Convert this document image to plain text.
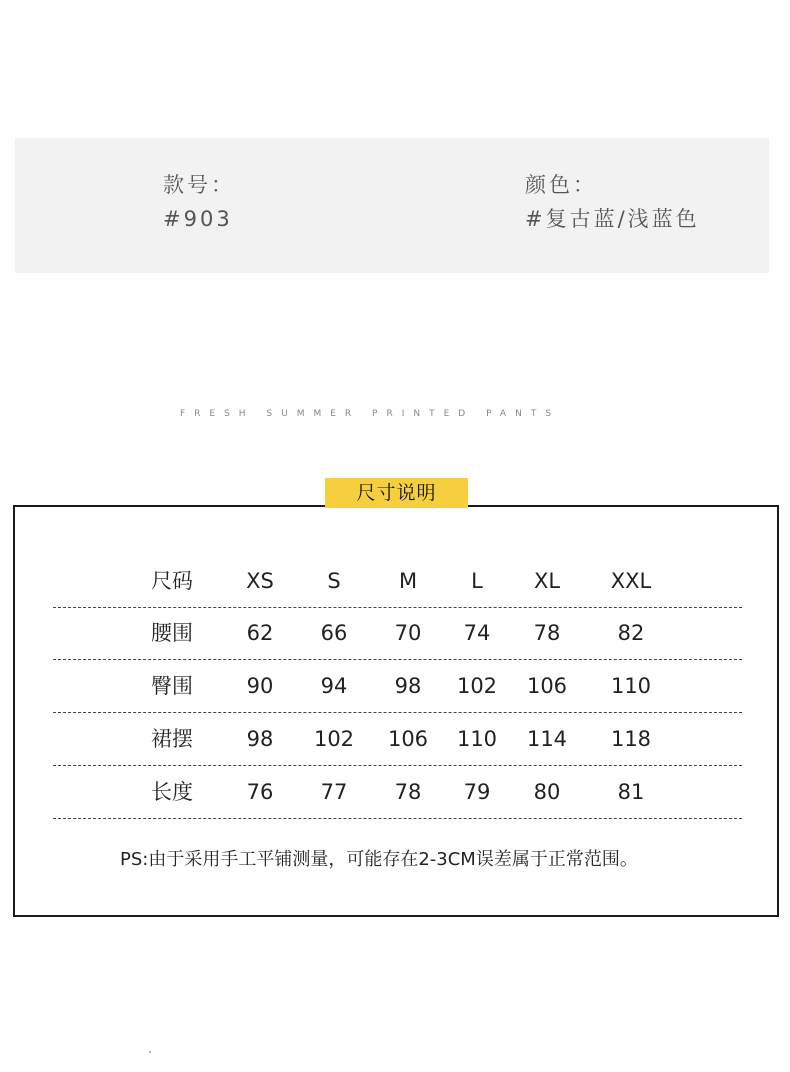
款号：
#903
颜色：
#复古蓝/浅蓝色
FRESH SUMMER PRINTED PANTS
尺寸说明
尺码	XS	S	M	L	XL	XXL
腰围	62	66	70	74	78	82
臀围	90	94	98	102	106	110
裙摆	98	102	106	110	114	118
长度	76	77	78	79	80	81
PS:由于采用手工平铺测量，可能存在2-3CM误差属于正常范围。
